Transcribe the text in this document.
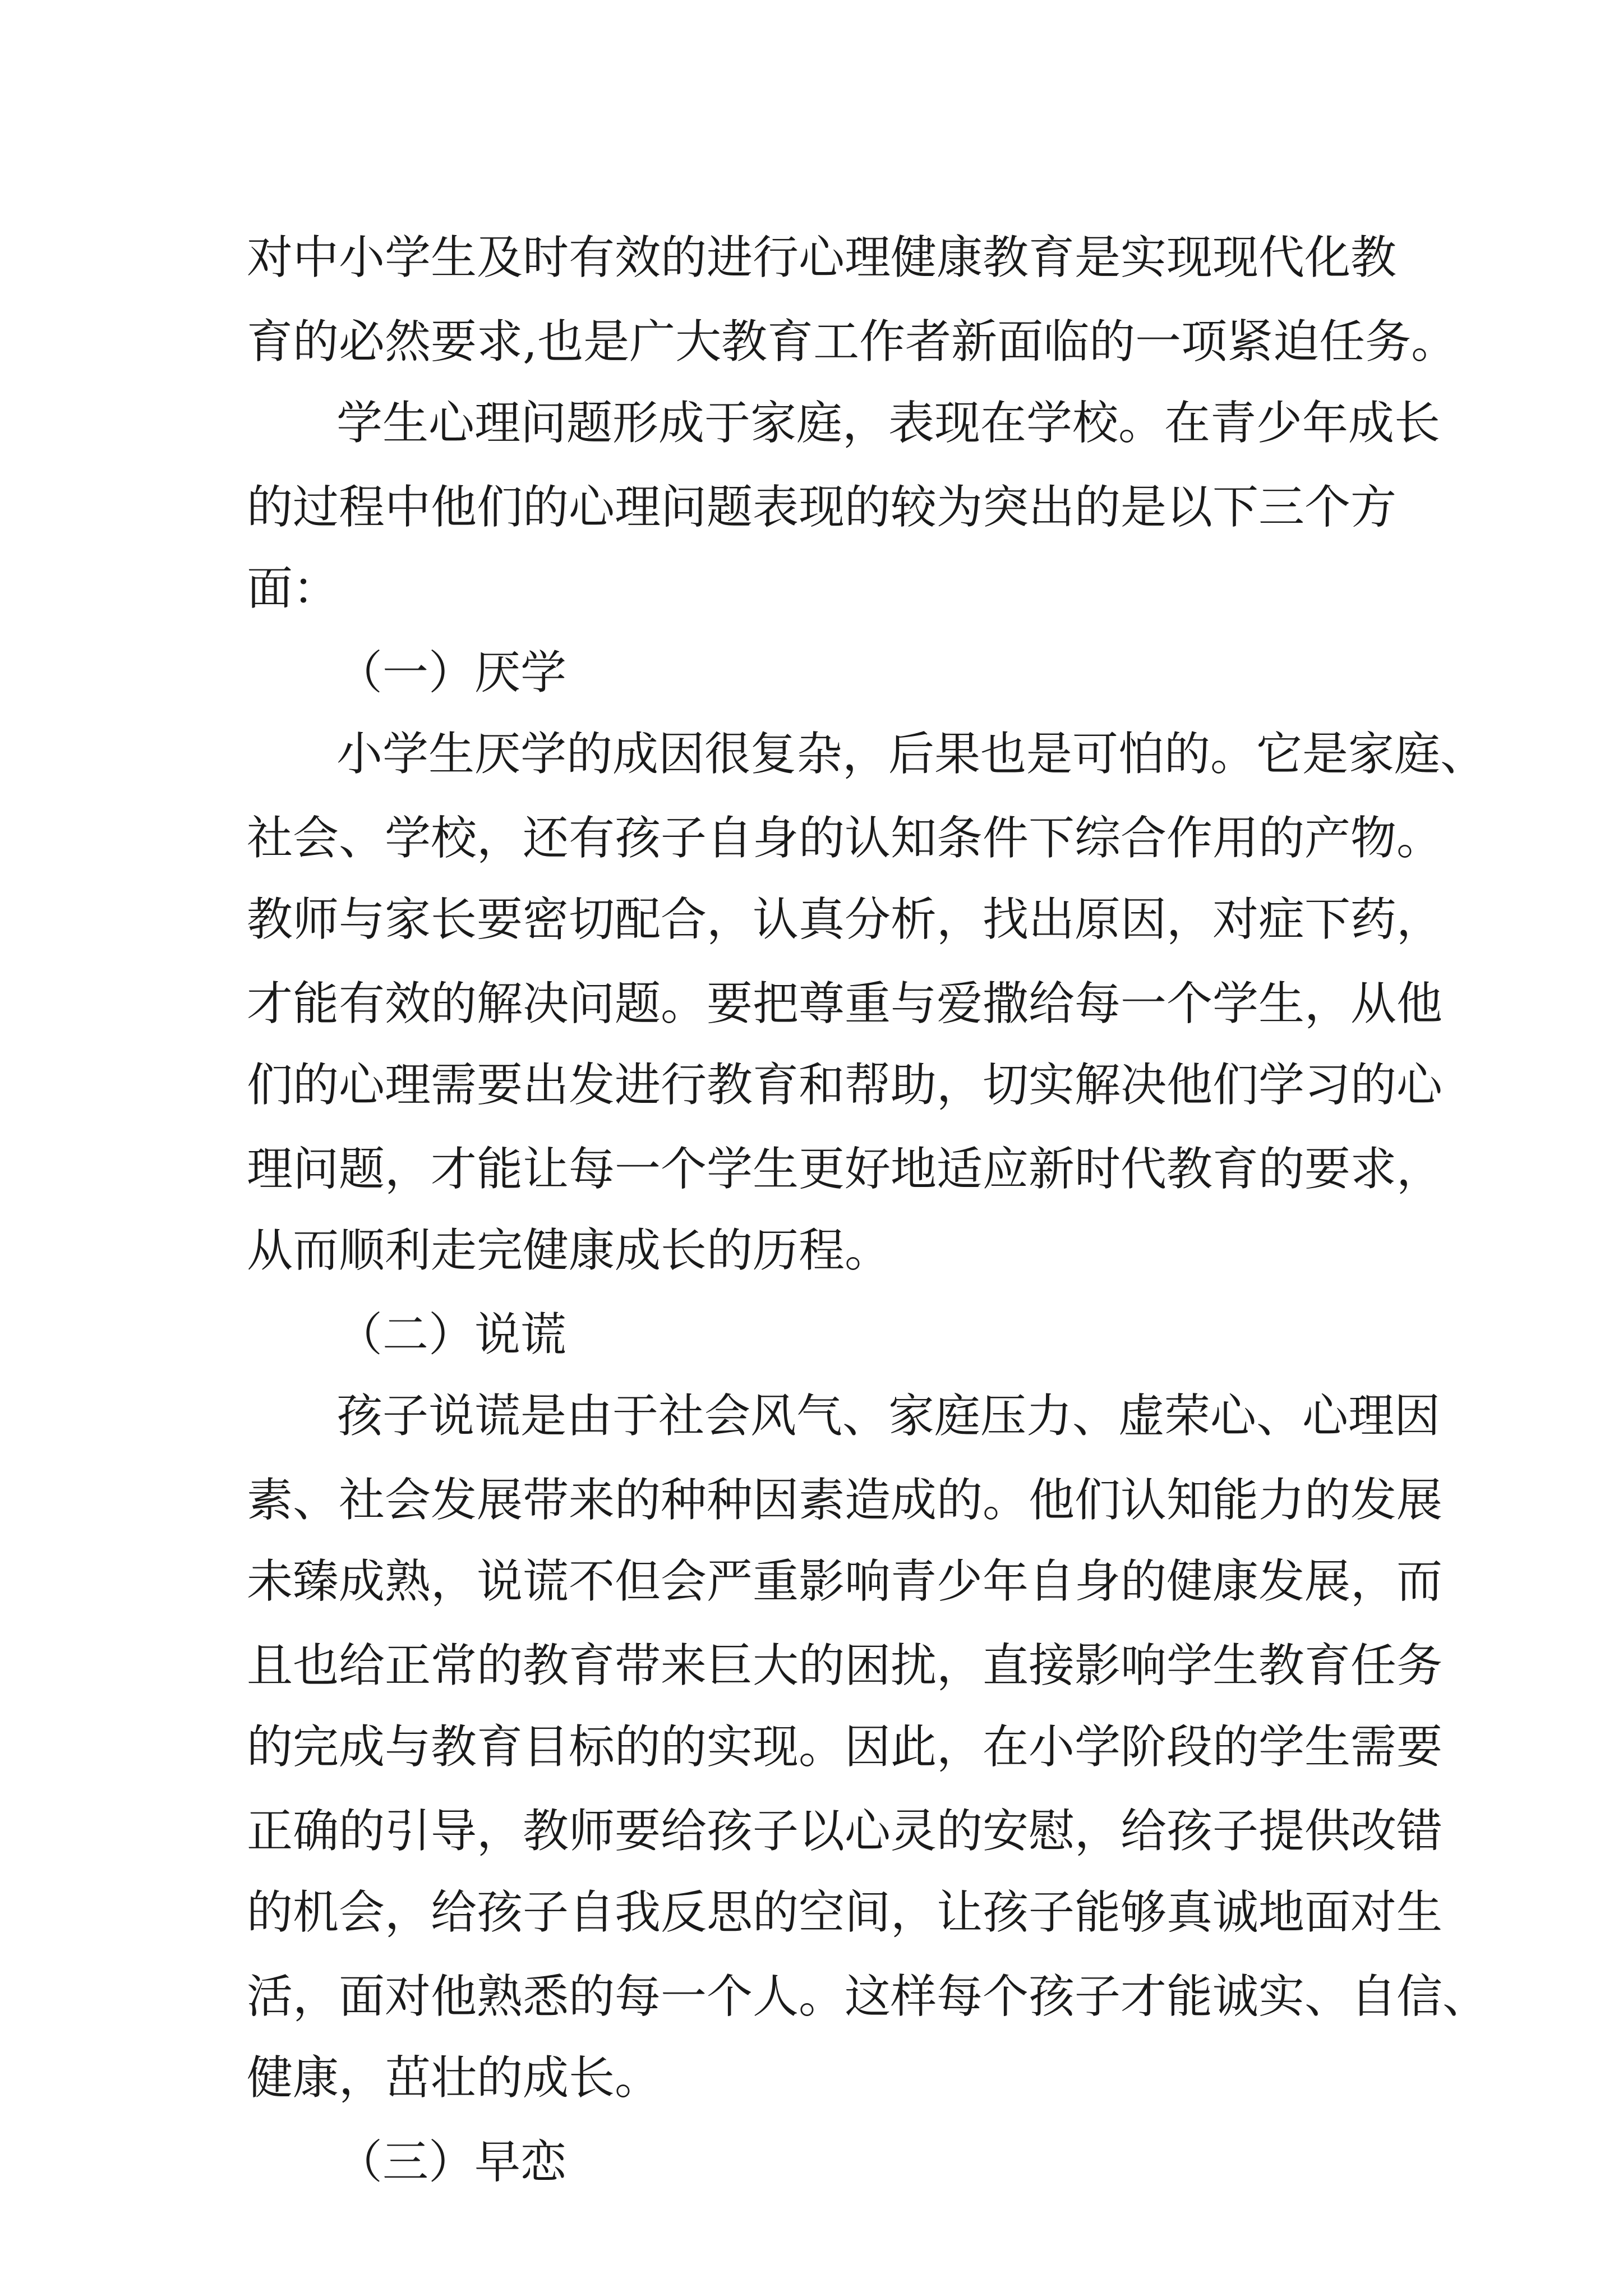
对中小学生及时有效的进行心理健康教育是实现现代化教
育的必然要求,也是广大教育工作者新面临的一项紧迫任务。
学生心理问题形成于家庭，表现在学校。在青少年成长
的过程中他们的心理问题表现的较为突出的是以下三个方
面：
（一）厌学
小学生厌学的成因很复杂，后果也是可怕的。它是家庭、
社会、学校，还有孩子自身的认知条件下综合作用的产物。
教师与家长要密切配合，认真分析，找出原因，对症下药，
才能有效的解决问题。要把尊重与爱撒给每一个学生，从他
们的心理需要出发进行教育和帮助，切实解决他们学习的心
理问题，才能让每一个学生更好地适应新时代教育的要求，
从而顺利走完健康成长的历程。
（二）说谎
孩子说谎是由于社会风气、家庭压力、虚荣心、心理因
素、社会发展带来的种种因素造成的。他们认知能力的发展
未臻成熟，说谎不但会严重影响青少年自身的健康发展，而
且也给正常的教育带来巨大的困扰，直接影响学生教育任务
的完成与教育目标的的实现。因此，在小学阶段的学生需要
正确的引导，教师要给孩子以心灵的安慰，给孩子提供改错
的机会，给孩子自我反思的空间，让孩子能够真诚地面对生
活，面对他熟悉的每一个人。这样每个孩子才能诚实、自信、
健康，茁壮的成长。
（三）早恋
